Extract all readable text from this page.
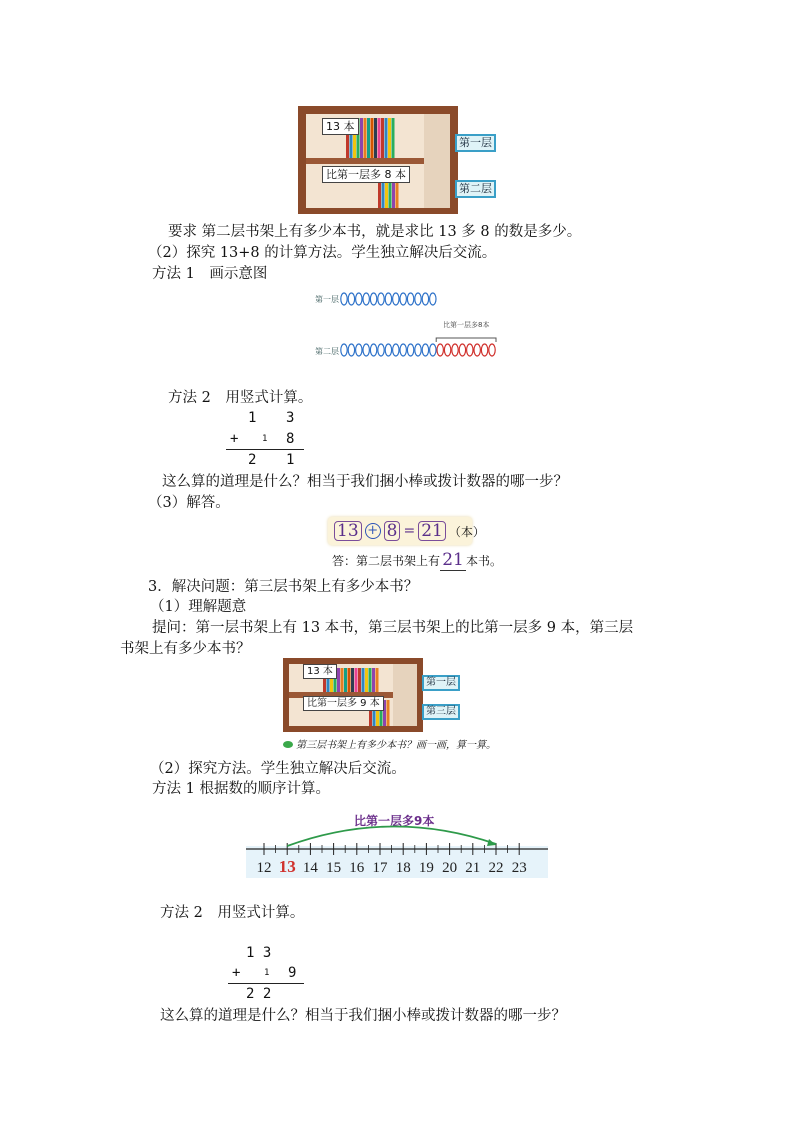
13 本
比第一层多 8 本
第一层
第二层
要求 第二层书架上有多少本书，就是求比 13 多 8 的数是多少。
（2）探究 13+8 的计算方法。学生独立解决后交流。
方法 1　画示意图
第一层
第二层
比第一层多8本
方法 2　用竖式计算。
1 3
+	1 8
2 1
这么算的道理是什么？相当于我们捆小棒或拨计数器的哪一步？
（3）解答。
13 + 8 = 21 （本）
答：第二层书架上有 21 本书。
3．解决问题：第三层书架上有多少本书？
（1）理解题意
提问：第一层书架上有 13 本书，第三层书架上的比第一层多 9 本，第三层
书架上有多少本书？
13 本
比第一层多 9 本
第一层
第三层
第三层书架上有多少本书？画一画，算一算。
（2）探究方法。学生独立解决后交流。
方法 1 根据数的顺序计算。
比第一层多9本
12 13 14 15 16 17 18 19 20 21 22 23
方法 2　用竖式计算。
1 3
+	1 9
2 2
这么算的道理是什么？相当于我们捆小棒或拨计数器的哪一步？
